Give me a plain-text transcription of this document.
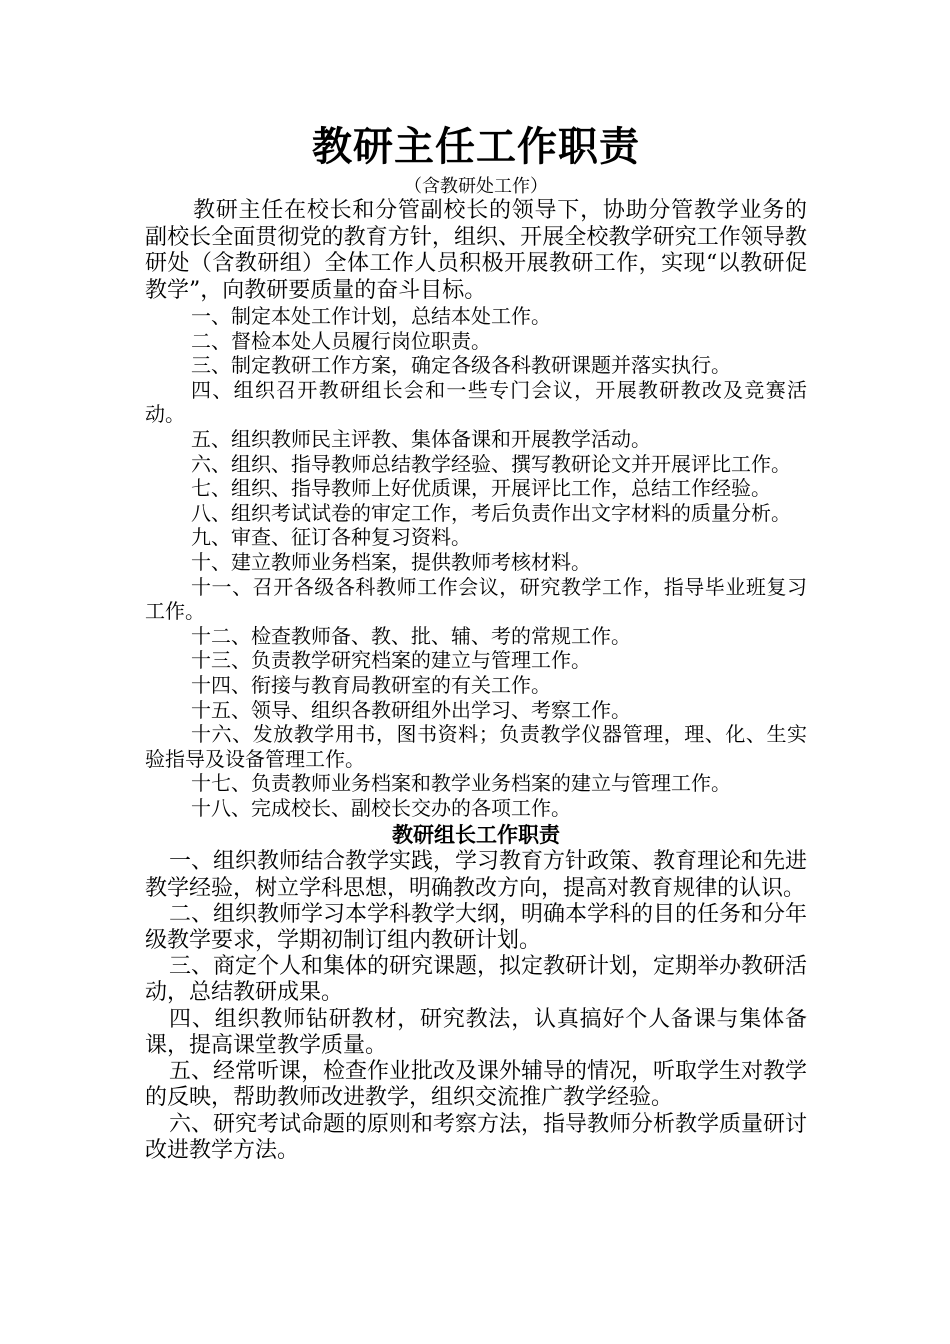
教研主任工作职责

（含教研处工作）

教研主任在校长和分管副校长的领导下，协助分管教学业务的副校长全面贯彻党的教育方针，组织、开展全校教学研究工作领导教研处（含教研组）全体工作人员积极开展教研工作，实现“以教研促教学”，向教研要质量的奋斗目标。

一、制定本处工作计划，总结本处工作。

二、督检本处人员履行岗位职责。

三、制定教研工作方案，确定各级各科教研课题并落实执行。

四、组织召开教研组长会和一些专门会议，开展教研教改及竞赛活动。

五、组织教师民主评教、集体备课和开展教学活动。

六、组织、指导教师总结教学经验、撰写教研论文并开展评比工作。

七、组织、指导教师上好优质课，开展评比工作，总结工作经验。

八、组织考试试卷的审定工作，考后负责作出文字材料的质量分析。

九、审查、征订各种复习资料。

十、建立教师业务档案，提供教师考核材料。

十一、召开各级各科教师工作会议，研究教学工作，指导毕业班复习工作。

十二、检查教师备、教、批、辅、考的常规工作。

十三、负责教学研究档案的建立与管理工作。

十四、衔接与教育局教研室的有关工作。

十五、领导、组织各教研组外出学习、考察工作。

十六、发放教学用书，图书资料；负责教学仪器管理，理、化、生实验指导及设备管理工作。

十七、负责教师业务档案和教学业务档案的建立与管理工作。

十八、完成校长、副校长交办的各项工作。

教研组长工作职责

一、组织教师结合教学实践，学习教育方针政策、教育理论和先进教学经验，树立学科思想，明确教改方向，提高对教育规律的认识。

二、组织教师学习本学科教学大纲，明确本学科的目的任务和分年级教学要求，学期初制订组内教研计划。

三、商定个人和集体的研究课题，拟定教研计划，定期举办教研活动，总结教研成果。

四、组织教师钻研教材，研究教法，认真搞好个人备课与集体备课，提高课堂教学质量。

五、经常听课，检查作业批改及课外辅导的情况，听取学生对教学的反映，帮助教师改进教学，组织交流推广教学经验。

六、研究考试命题的原则和考察方法，指导教师分析教学质量研讨改进教学方法。
